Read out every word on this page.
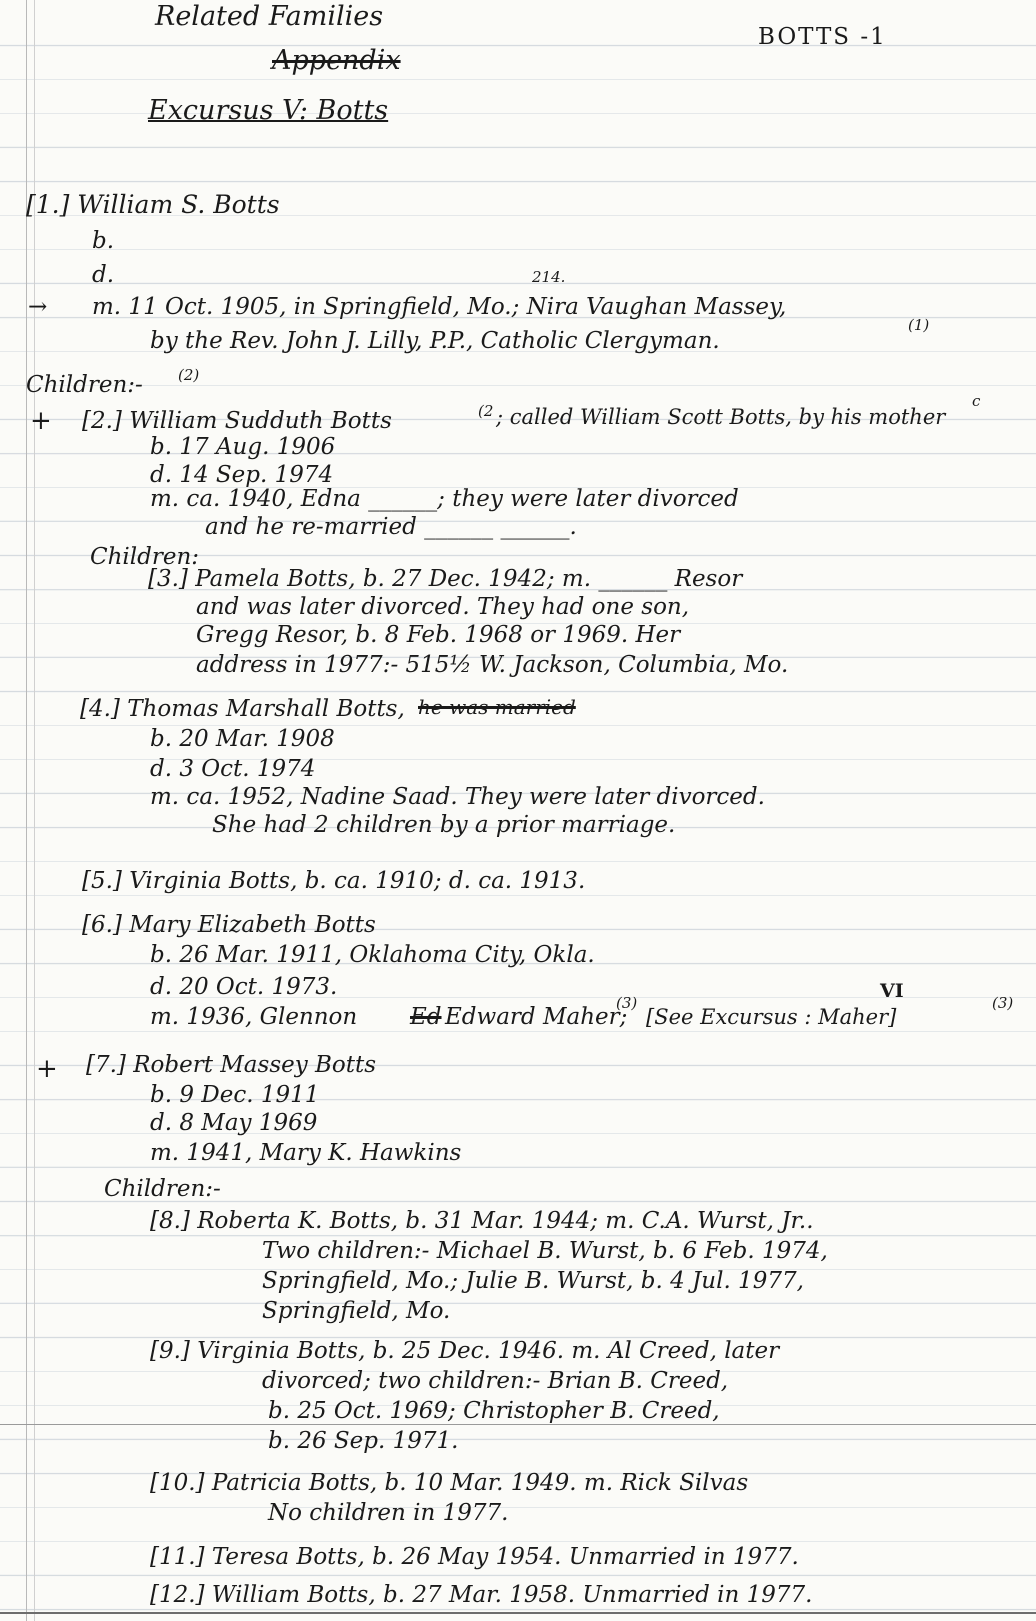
Related Families
Appendix
Excursus V: Botts
BOTTS -1
[1.] William S. Botts
b.
d.
→
214.
m. 11 Oct. 1905, in Springfield, Mo.; Nira Vaughan Massey,
by the Rev. John J. Lilly, P.P., Catholic Clergyman.
(1)
Children:- (2)
+ [2.] William Sudduth Botts	(2 ; called William Scott Botts, by his mother
c
b. 17 Aug. 1906
d. 14 Sep. 1974
m. ca. 1940, Edna ______; they were later divorced
and he re-married ______ ______.
Children:
[3.] Pamela Botts, b. 27 Dec. 1942; m. ______ Resor
and was later divorced. They had one son,
Gregg Resor, b. 8 Feb. 1968 or 1969. Her
address in 1977:- 515½ W. Jackson, Columbia, Mo.
[4.] Thomas Marshall Botts, he was married
b. 20 Mar. 1908
d. 3 Oct. 1974
m. ca. 1952, Nadine Saad. They were later divorced.
She had 2 children by a prior marriage.
[5.] Virginia Botts, b. ca. 1910; d. ca. 1913.
[6.] Mary Elizabeth Botts
b. 26 Mar. 1911, Oklahoma City, Okla.
d. 20 Oct. 1973.
m. 1936, Glennon Ed Edward Maher;
(3)
[See Excursus : Maher]
VI
(3)
+ [7.] Robert Massey Botts
b. 9 Dec. 1911
d. 8 May 1969
m. 1941, Mary K. Hawkins
Children:-
[8.] Roberta K. Botts, b. 31 Mar. 1944; m. C.A. Wurst, Jr..
Two children:- Michael B. Wurst, b. 6 Feb. 1974,
Springfield, Mo.; Julie B. Wurst, b. 4 Jul. 1977,
Springfield, Mo.
[9.] Virginia Botts, b. 25 Dec. 1946. m. Al Creed, later
divorced; two children:- Brian B. Creed,
b. 25 Oct. 1969; Christopher B. Creed,
b. 26 Sep. 1971.
[10.] Patricia Botts, b. 10 Mar. 1949. m. Rick Silvas
No children in 1977.
[11.] Teresa Botts, b. 26 May 1954. Unmarried in 1977.
[12.] William Botts, b. 27 Mar. 1958. Unmarried in 1977.
